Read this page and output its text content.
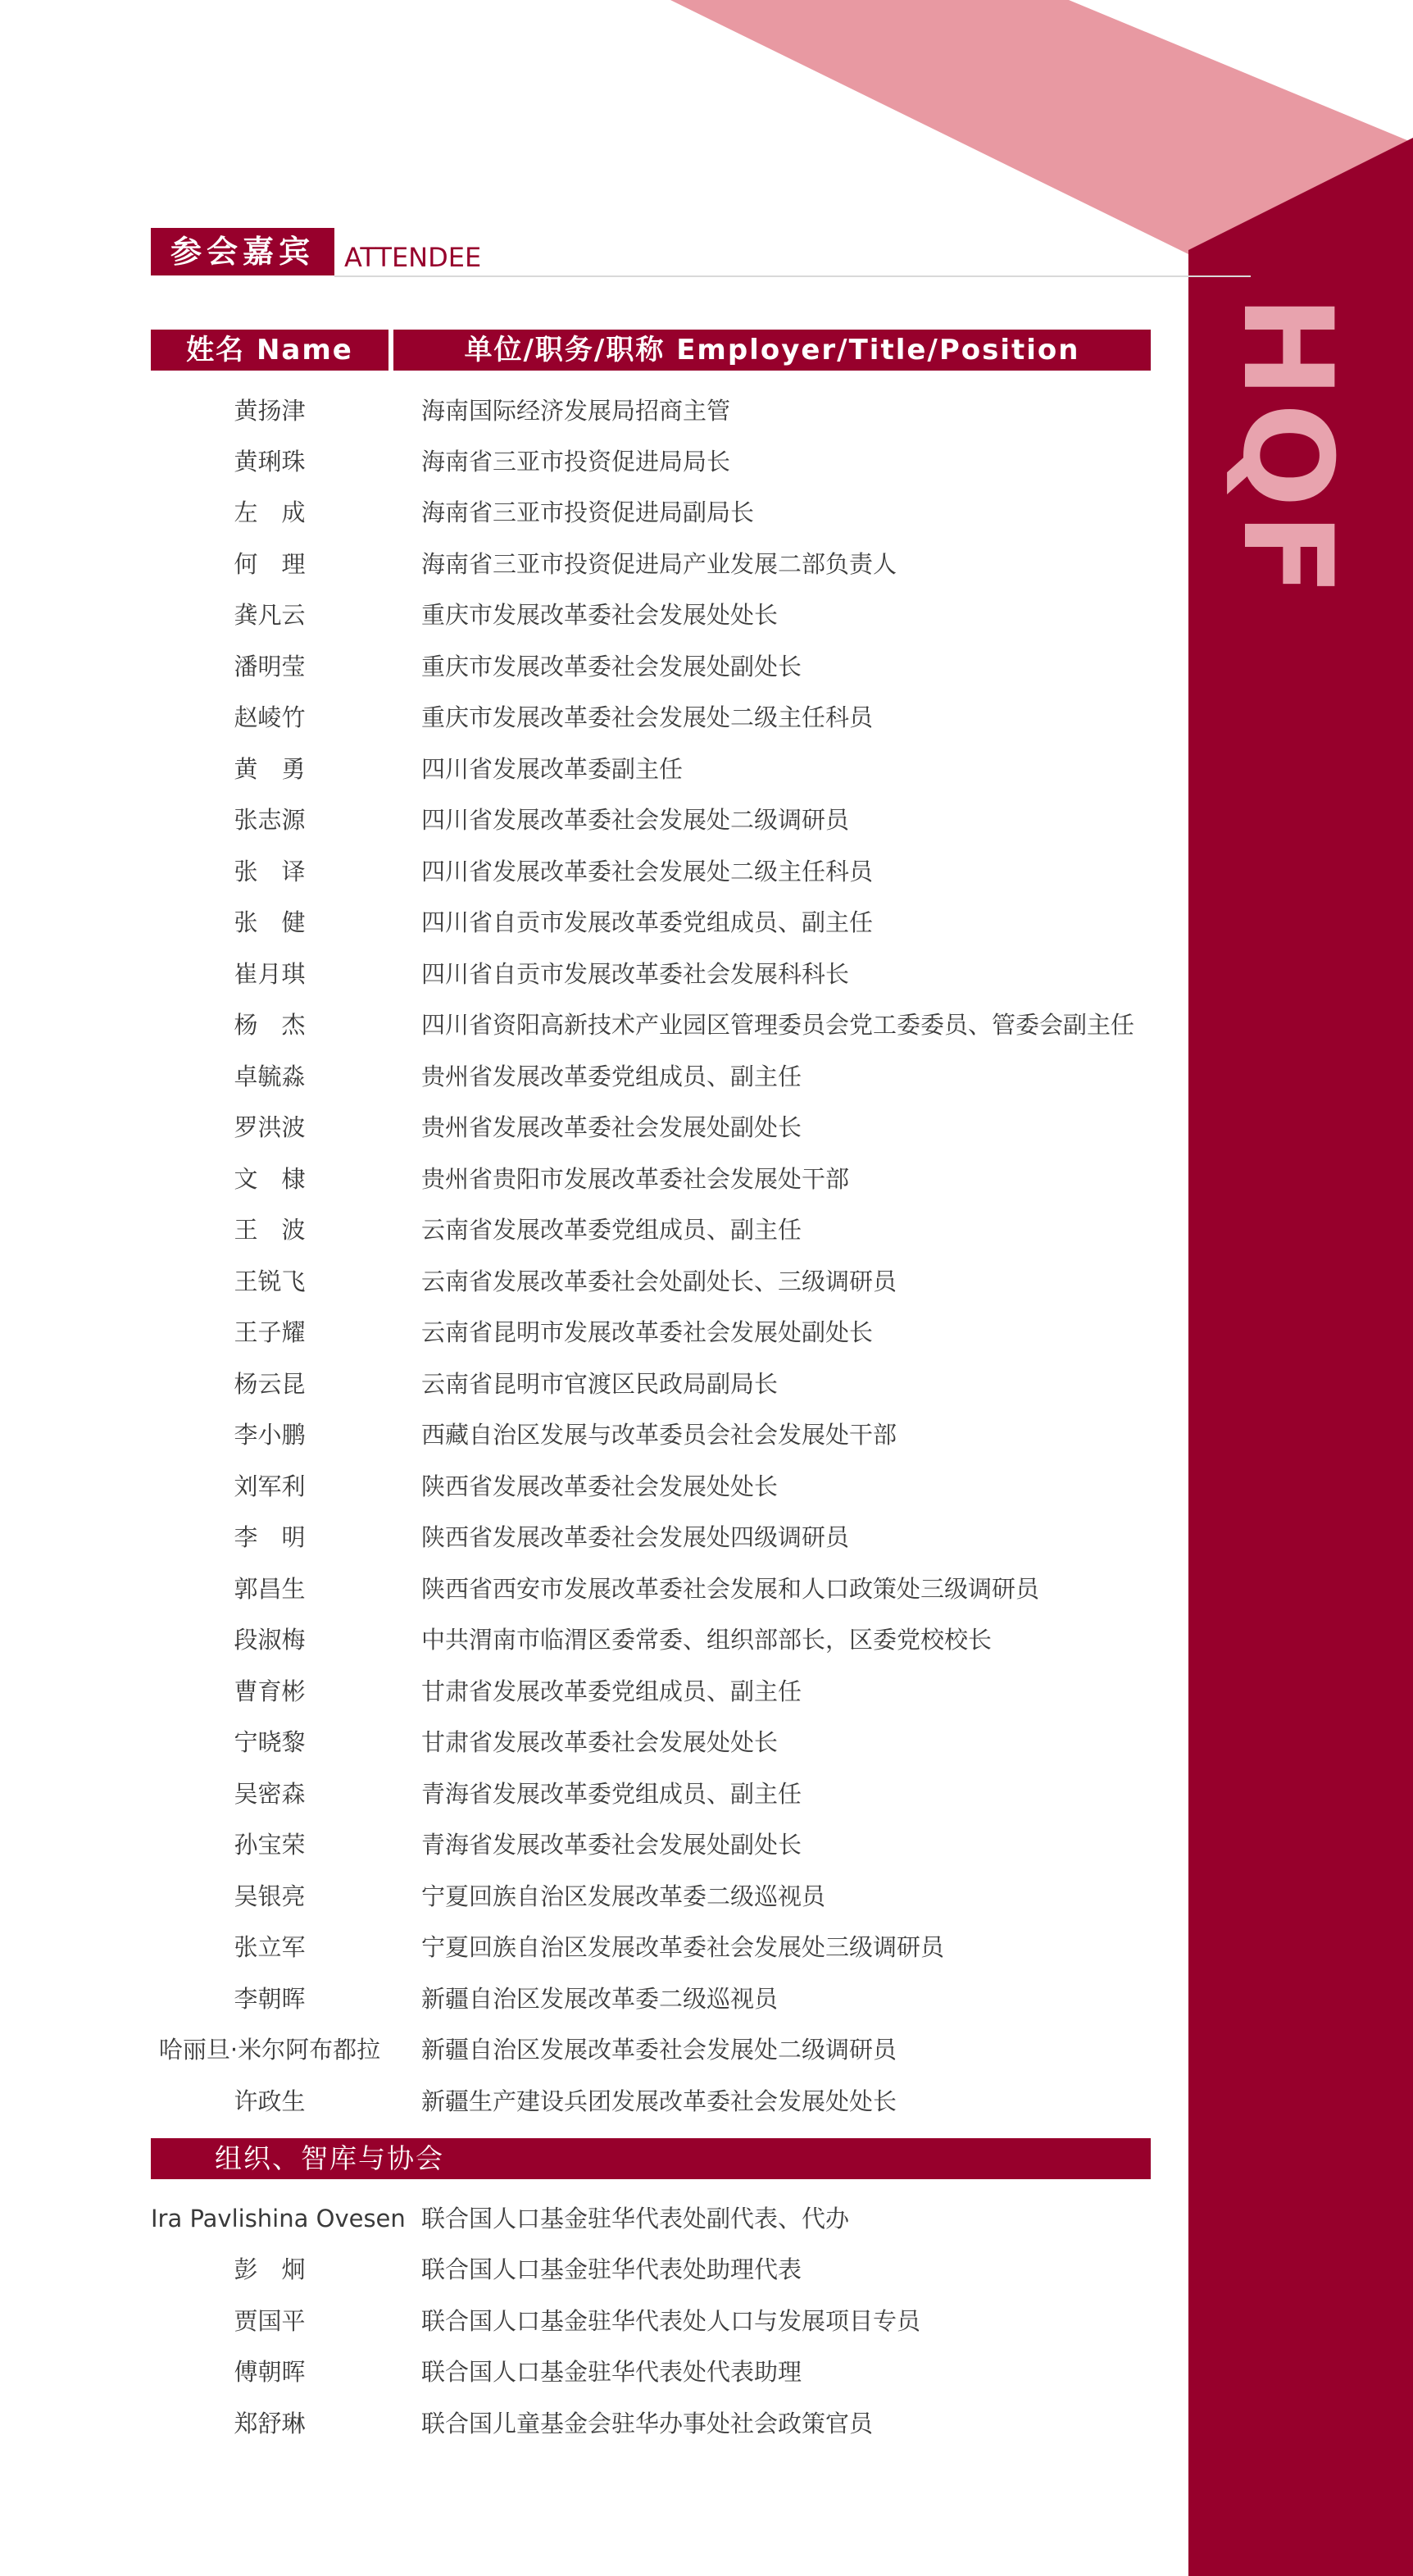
HQF
参会嘉宾	ATTENDEE
姓名 Name	单位/职务/职称 Employer/Title/Position
黄扬津	海南国际经济发展局招商主管
黄琍珠	海南省三亚市投资促进局局长
左　成	海南省三亚市投资促进局副局长
何　理	海南省三亚市投资促进局产业发展二部负责人
龚凡云	重庆市发展改革委社会发展处处长
潘明莹	重庆市发展改革委社会发展处副处长
赵崚竹	重庆市发展改革委社会发展处二级主任科员
黄　勇	四川省发展改革委副主任
张志源	四川省发展改革委社会发展处二级调研员
张　译	四川省发展改革委社会发展处二级主任科员
张　健	四川省自贡市发展改革委党组成员、副主任
崔月琪	四川省自贡市发展改革委社会发展科科长
杨　杰	四川省资阳高新技术产业园区管理委员会党工委委员、管委会副主任
卓毓淼	贵州省发展改革委党组成员、副主任
罗洪波	贵州省发展改革委社会发展处副处长
文　棣	贵州省贵阳市发展改革委社会发展处干部
王　波	云南省发展改革委党组成员、副主任
王锐飞	云南省发展改革委社会处副处长、三级调研员
王子耀	云南省昆明市发展改革委社会发展处副处长
杨云昆	云南省昆明市官渡区民政局副局长
李小鹏	西藏自治区发展与改革委员会社会发展处干部
刘军利	陕西省发展改革委社会发展处处长
李　明	陕西省发展改革委社会发展处四级调研员
郭昌生	陕西省西安市发展改革委社会发展和人口政策处三级调研员
段淑梅	中共渭南市临渭区委常委、组织部部长，区委党校校长
曹育彬	甘肃省发展改革委党组成员、副主任
宁晓黎	甘肃省发展改革委社会发展处处长
吴密森	青海省发展改革委党组成员、副主任
孙宝荣	青海省发展改革委社会发展处副处长
吴银亮	宁夏回族自治区发展改革委二级巡视员
张立军	宁夏回族自治区发展改革委社会发展处三级调研员
李朝晖	新疆自治区发展改革委二级巡视员
哈丽旦·米尔阿布都拉	新疆自治区发展改革委社会发展处二级调研员
许政生	新疆生产建设兵团发展改革委社会发展处处长
组织、智库与协会
Ira Pavlishina Ovesen 联合国人口基金驻华代表处副代表、代办
彭　炯	联合国人口基金驻华代表处助理代表
贾国平	联合国人口基金驻华代表处人口与发展项目专员
傅朝晖	联合国人口基金驻华代表处代表助理
郑舒琳	联合国儿童基金会驻华办事处社会政策官员
